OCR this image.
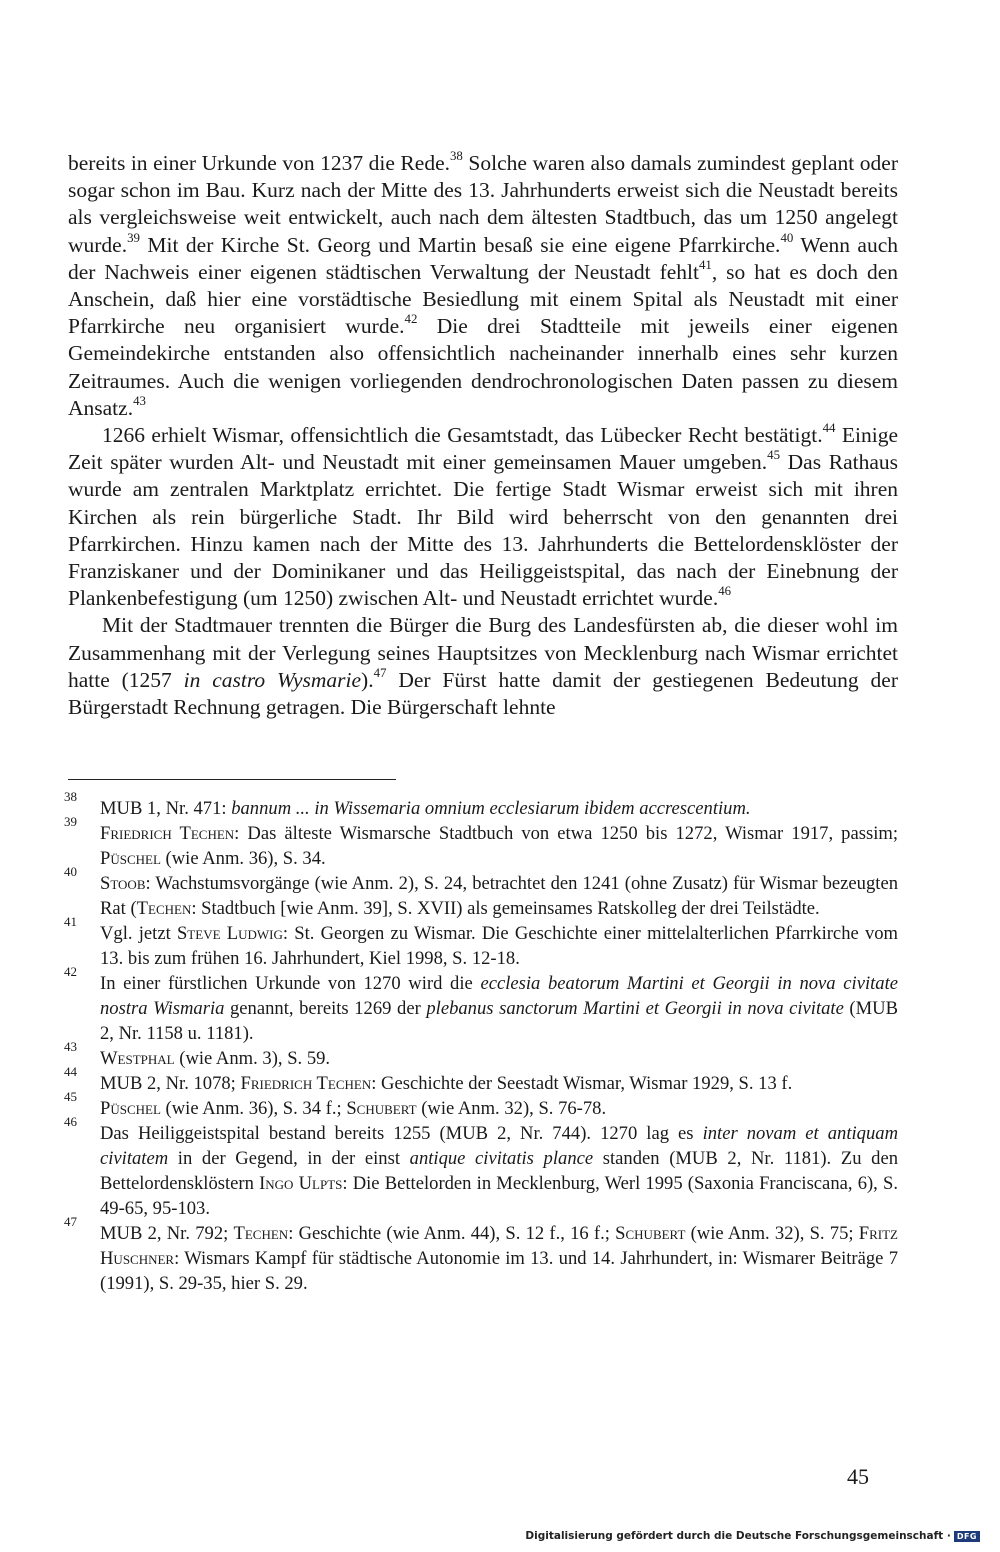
bereits in einer Urkunde von 1237 die Rede.$^{38}$ Solche waren also damals zumindest geplant oder sogar schon im Bau. Kurz nach der Mitte des 13. Jahrhunderts erweist sich die Neustadt bereits als vergleichsweise weit entwickelt, auch nach dem ältesten Stadtbuch, das um 1250 angelegt wurde.$^{39}$ Mit der Kirche St. Georg und Martin besaß sie eine eigene Pfarrkirche.$^{40}$ Wenn auch der Nachweis einer eigenen städtischen Verwaltung der Neustadt fehlt$^{41}$, so hat es doch den Anschein, daß hier eine vorstädtische Besiedlung mit einem Spital als Neustadt mit einer Pfarrkirche neu organisiert wurde.$^{42}$ Die drei Stadtteile mit jeweils einer eigenen Gemeindekirche entstanden also offensichtlich nacheinander innerhalb eines sehr kurzen Zeitraumes. Auch die wenigen vorliegenden dendrochronologischen Daten passen zu diesem Ansatz.$^{43}$

1266 erhielt Wismar, offensichtlich die Gesamtstadt, das Lübecker Recht bestätigt.$^{44}$ Einige Zeit später wurden Alt- und Neustadt mit einer gemeinsamen Mauer umgeben.$^{45}$ Das Rathaus wurde am zentralen Marktplatz errichtet. Die fertige Stadt Wismar erweist sich mit ihren Kirchen als rein bürgerliche Stadt. Ihr Bild wird beherrscht von den genannten drei Pfarrkirchen. Hinzu kamen nach der Mitte des 13. Jahrhunderts die Bettelordensklöster der Franziskaner und der Dominikaner und das Heiliggeistspital, das nach der Einebnung der Plankenbefestigung (um 1250) zwischen Alt- und Neustadt errichtet wurde.$^{46}$

Mit der Stadtmauer trennten die Bürger die Burg des Landesfürsten ab, die dieser wohl im Zusammenhang mit der Verlegung seines Hauptsitzes von Mecklenburg nach Wismar errichtet hatte (1257 in castro Wysmarie).$^{47}$ Der Fürst hatte damit der gestiegenen Bedeutung der Bürgerstadt Rechnung getragen. Die Bürgerschaft lehnte

38
MUB 1, Nr. 471: bannum ... in Wissemaria omnium ecclesiarum ibidem accrescentium.
39
Friedrich Techen: Das älteste Wismarsche Stadtbuch von etwa 1250 bis 1272, Wismar 1917, passim; Püschel (wie Anm. 36), S. 34.
40
Stoob: Wachstumsvorgänge (wie Anm. 2), S. 24, betrachtet den 1241 (ohne Zusatz) für Wismar bezeugten Rat (Techen: Stadtbuch [wie Anm. 39], S. XVII) als gemeinsames Ratskolleg der drei Teilstädte.
41
Vgl. jetzt Steve Ludwig: St. Georgen zu Wismar. Die Geschichte einer mittelalterlichen Pfarrkirche vom 13. bis zum frühen 16. Jahrhundert, Kiel 1998, S. 12-18.
42
In einer fürstlichen Urkunde von 1270 wird die ecclesia beatorum Martini et Georgii in nova civitate nostra Wismaria genannt, bereits 1269 der plebanus sanctorum Martini et Georgii in nova civitate (MUB 2, Nr. 1158 u. 1181).
43
Westphal (wie Anm. 3), S. 59.
44
MUB 2, Nr. 1078; Friedrich Techen: Geschichte der Seestadt Wismar, Wismar 1929, S. 13 f.
45
Püschel (wie Anm. 36), S. 34 f.; Schubert (wie Anm. 32), S. 76-78.
46
Das Heiliggeistspital bestand bereits 1255 (MUB 2, Nr. 744). 1270 lag es inter novam et antiquam civitatem in der Gegend, in der einst antique civitatis plance standen (MUB 2, Nr. 1181). Zu den Bettelordensklöstern Ingo Ulpts: Die Bettelorden in Mecklenburg, Werl 1995 (Saxonia Franciscana, 6), S. 49-65, 95-103.
47
MUB 2, Nr. 792; Techen: Geschichte (wie Anm. 44), S. 12 f., 16 f.; Schubert (wie Anm. 32), S. 75; Fritz Huschner: Wismars Kampf für städtische Autonomie im 13. und 14. Jahrhundert, in: Wismarer Beiträge 7 (1991), S. 29-35, hier S. 29.
45
Digitalisierung gefördert durch die Deutsche Forschungsgemeinschaft · DFG
